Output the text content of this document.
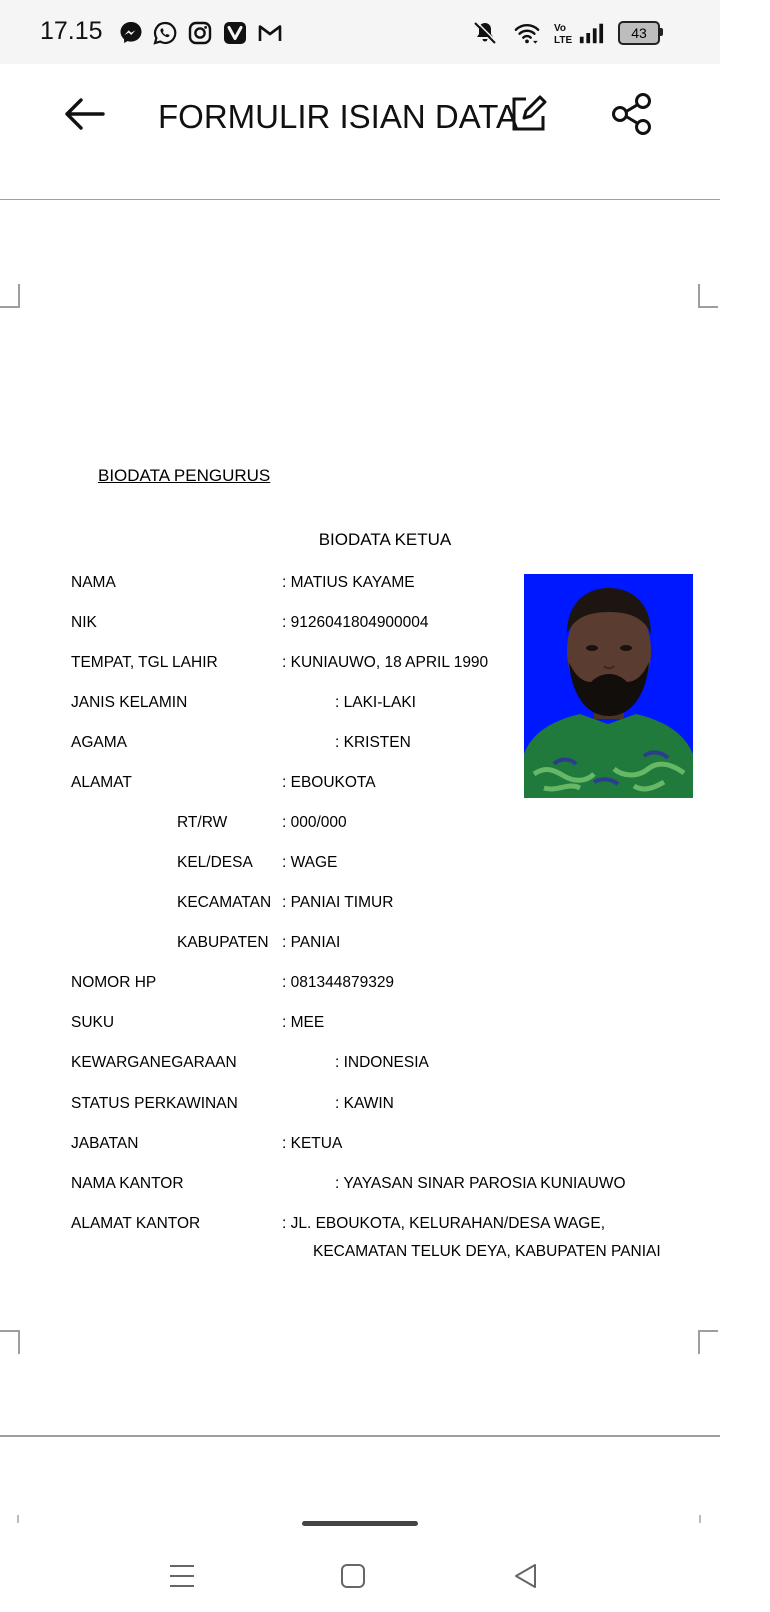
17.15	Vo
LTE	43
FORMULIR ISIAN DATA
BIODATA PENGURUS
BIODATA KETUA
NAMA	: MATIUS KAYAME
NIK	: 9126041804900004
TEMPAT, TGL LAHIR	: KUNIAUWO, 18 APRIL 1990
JANIS KELAMIN	: LAKI-LAKI
AGAMA	: KRISTEN
ALAMAT	: EBOUKOTA
RT/RW	: 000/000
KEL/DESA : WAGE
KECAMATAN : PANIAI TIMUR
KABUPATEN : PANIAI
NOMOR HP	: 081344879329
SUKU	: MEE
KEWARGANEGARAAN	: INDONESIA
STATUS PERKAWINAN	: KAWIN
JABATAN	: KETUA
NAMA KANTOR	: YAYASAN SINAR PAROSIA KUNIAUWO
ALAMAT KANTOR	: JL. EBOUKOTA, KELURAHAN/DESA WAGE,
KECAMATAN TELUK DEYA, KABUPATEN PANIAI
